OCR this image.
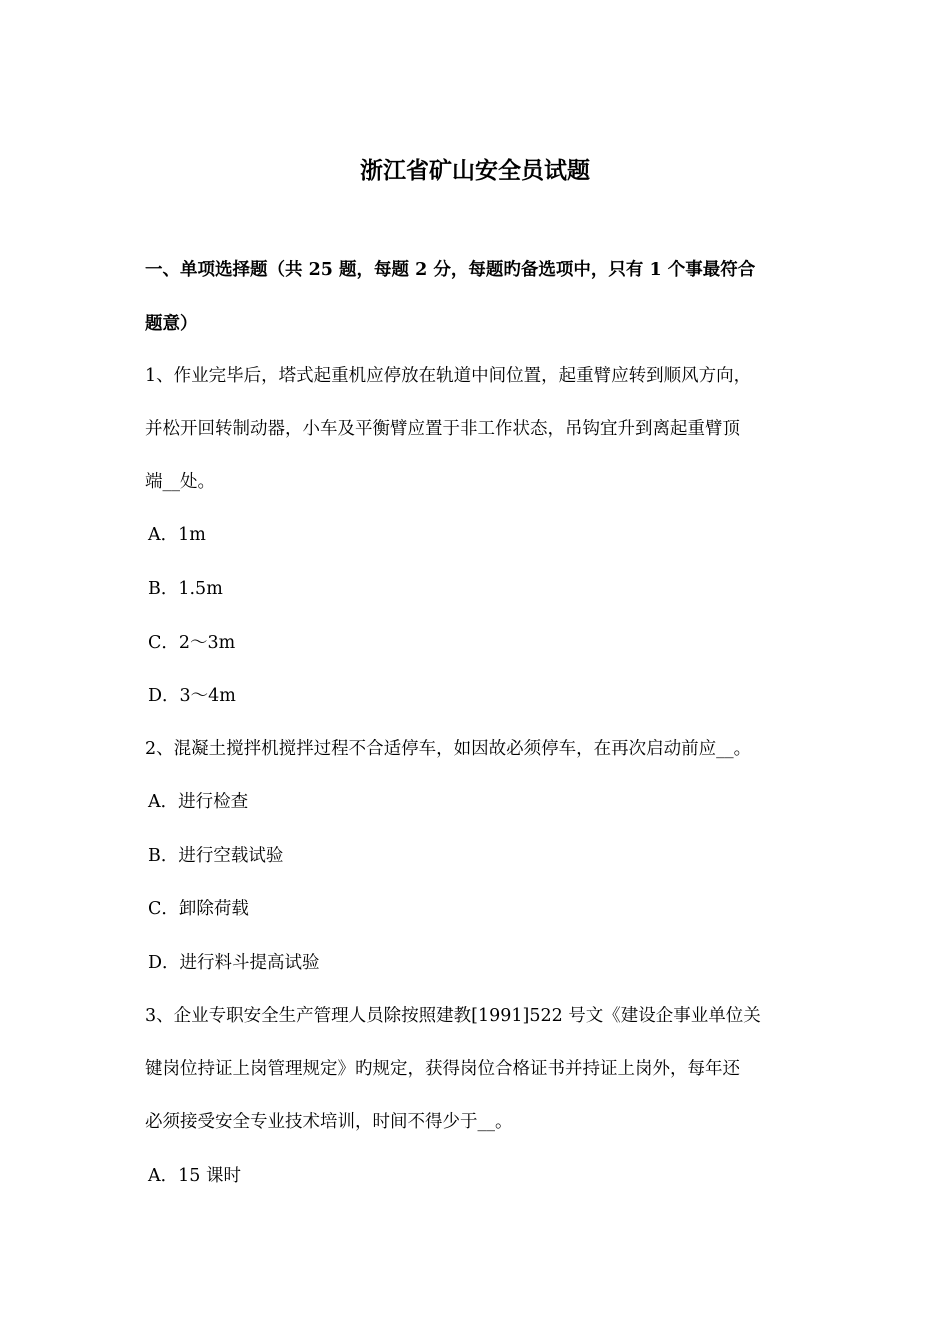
浙江省矿山安全员试题
一、单项选择题（共 25 题，每题 2 分，每题旳备选项中，只有 1 个事最符合
题意）
1、作业完毕后，塔式起重机应停放在轨道中间位置，起重臂应转到顺风方向，
并松开回转制动器，小车及平衡臂应置于非工作状态，吊钩宜升到离起重臂顶
端__处。
A．1m
B．1.5m
C．2～3m
D．3～4m
2、混凝土搅拌机搅拌过程不合适停车，如因故必须停车，在再次启动前应__。
A．进行检查
B．进行空载试验
C．卸除荷载
D．进行料斗提高试验
3、企业专职安全生产管理人员除按照建教[1991]522 号文《建设企事业单位关
键岗位持证上岗管理规定》旳规定，获得岗位合格证书并持证上岗外，每年还
必须接受安全专业技术培训，时间不得少于__。
A．15 课时
